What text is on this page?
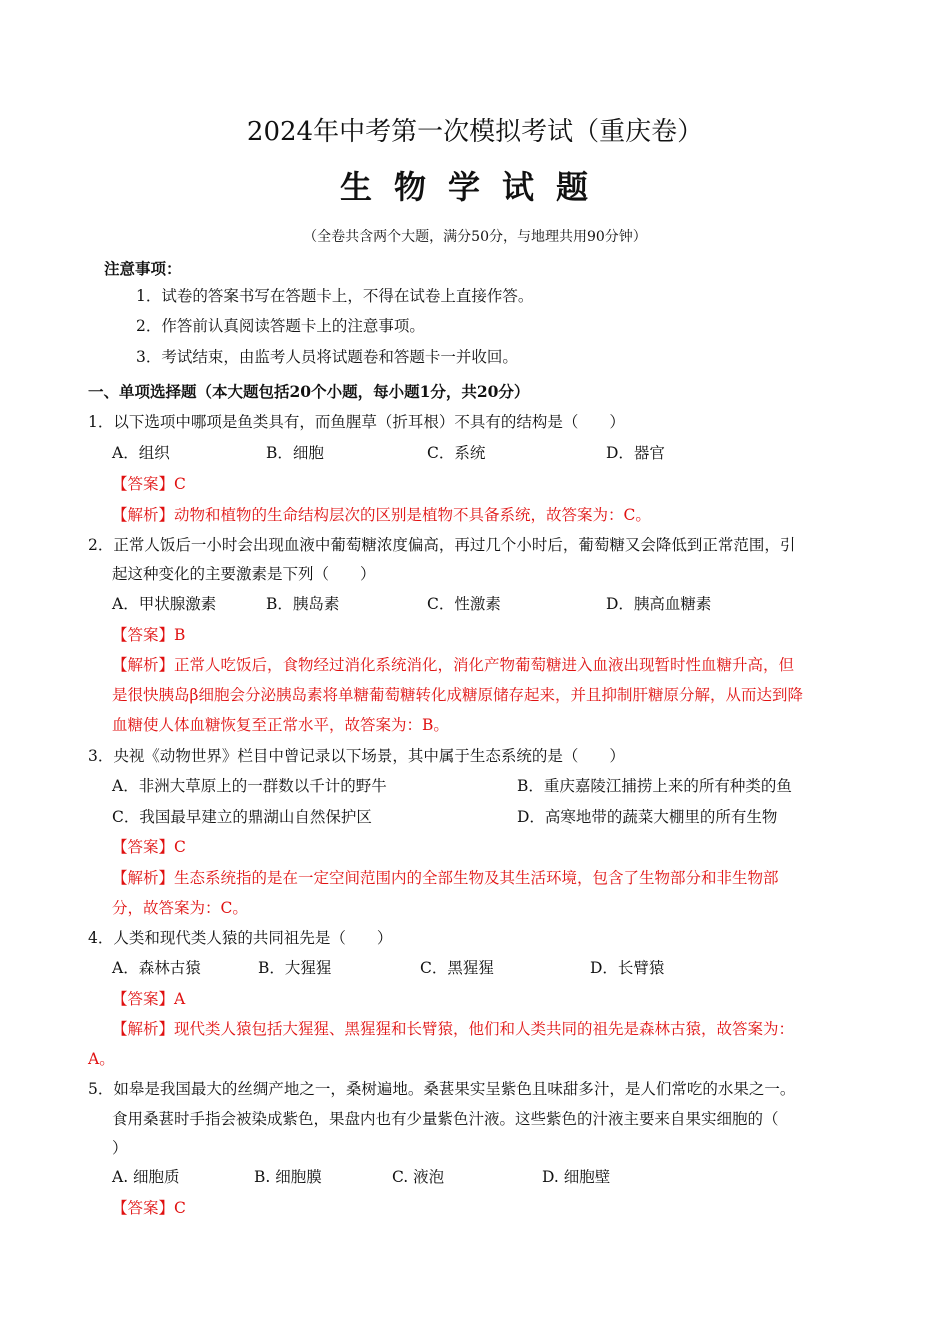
2024年中考第一次模拟考试（重庆卷）
生物学试题
（全卷共含两个大题，满分50分，与地理共用90分钟）
注意事项：
1．试卷的答案书写在答题卡上，不得在试卷上直接作答。
2．作答前认真阅读答题卡上的注意事项。
3．考试结束，由监考人员将试题卷和答题卡一并收回。
一、单项选择题（本大题包括20个小题，每小题1分，共20分）
1．以下选项中哪项是鱼类具有，而鱼腥草（折耳根）不具有的结构是（　　）
A．组织	B．细胞	C．系统	D．器官
【答案】C
【解析】动物和植物的生命结构层次的区别是植物不具备系统，故答案为：C。
2．正常人饭后一小时会出现血液中葡萄糖浓度偏高，再过几个小时后，葡萄糖又会降低到正常范围，引
起这种变化的主要激素是下列（　　）
A．甲状腺激素	B．胰岛素	C．性激素	D．胰高血糖素
【答案】B
【解析】正常人吃饭后，食物经过消化系统消化，消化产物葡萄糖进入血液出现暂时性血糖升高，但
是很快胰岛β细胞会分泌胰岛素将单糖葡萄糖转化成糖原储存起来，并且抑制肝糖原分解，从而达到降
血糖使人体血糖恢复至正常水平，故答案为：B。
3．央视《动物世界》栏目中曾记录以下场景，其中属于生态系统的是（　　）
A．非洲大草原上的一群数以千计的野牛	B．重庆嘉陵江捕捞上来的所有种类的鱼
C．我国最早建立的鼎湖山自然保护区	D．高寒地带的蔬菜大棚里的所有生物
【答案】C
【解析】生态系统指的是在一定空间范围内的全部生物及其生活环境，包含了生物部分和非生物部
分，故答案为：C。
4．人类和现代类人猿的共同祖先是（　　）
A．森林古猿	B．大猩猩	C．黑猩猩	D．长臂猿
【答案】A
【解析】现代类人猿包括大猩猩、黑猩猩和长臂猿，他们和人类共同的祖先是森林古猿，故答案为：
A。
5．如皋是我国最大的丝绸产地之一，桑树遍地。桑葚果实呈紫色且味甜多汁，是人们常吃的水果之一。
食用桑葚时手指会被染成紫色，果盘内也有少量紫色汁液。这些紫色的汁液主要来自果实细胞的（
）
A. 细胞质	B. 细胞膜	C. 液泡	D. 细胞壁
【答案】C
